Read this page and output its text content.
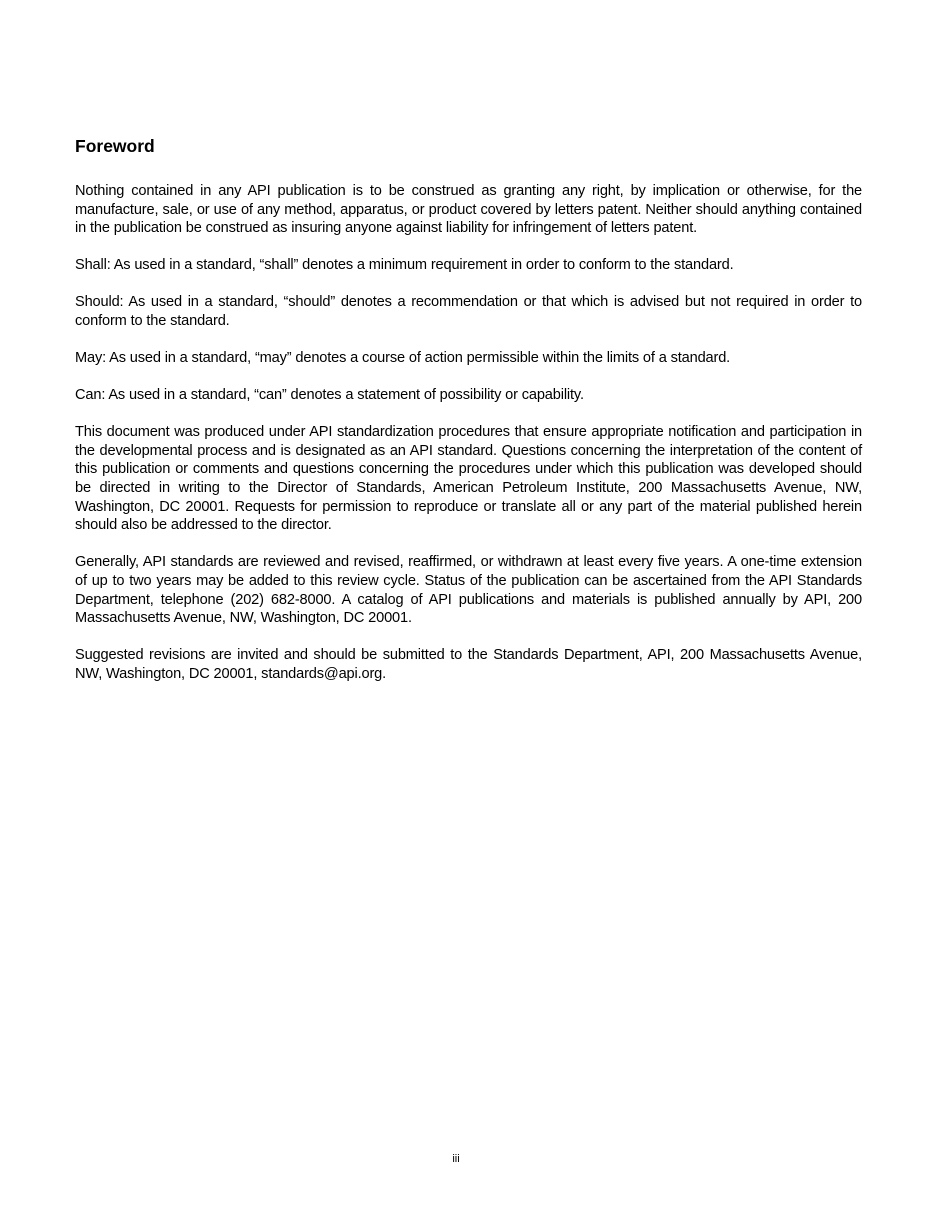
Foreword

Nothing contained in any API publication is to be construed as granting any right, by implication or otherwise, for the manufacture, sale, or use of any method, apparatus, or product covered by letters patent. Neither should anything contained in the publication be construed as insuring anyone against liability for infringement of letters patent.

Shall: As used in a standard, “shall” denotes a minimum requirement in order to conform to the standard.

Should: As used in a standard, “should” denotes a recommendation or that which is advised but not required in order to conform to the standard.

May: As used in a standard, “may” denotes a course of action permissible within the limits of a standard.

Can: As used in a standard, “can” denotes a statement of possibility or capability.

This document was produced under API standardization procedures that ensure appropriate notification and participation in the developmental process and is designated as an API standard. Questions concerning the interpretation of the content of this publication or comments and questions concerning the procedures under which this publication was developed should be directed in writing to the Director of Standards, American Petroleum Institute, 200 Massachusetts Avenue, NW, Washington, DC 20001. Requests for permission to reproduce or translate all or any part of the material published herein should also be addressed to the director.

Generally, API standards are reviewed and revised, reaffirmed, or withdrawn at least every five years. A one-time extension of up to two years may be added to this review cycle. Status of the publication can be ascertained from the API Standards Department, telephone (202) 682-8000. A catalog of API publications and materials is published annually by API, 200 Massachusetts Avenue, NW, Washington, DC 20001.

Suggested revisions are invited and should be submitted to the Standards Department, API, 200 Massachusetts Avenue, NW, Washington, DC 20001, standards@api.org.

iii
